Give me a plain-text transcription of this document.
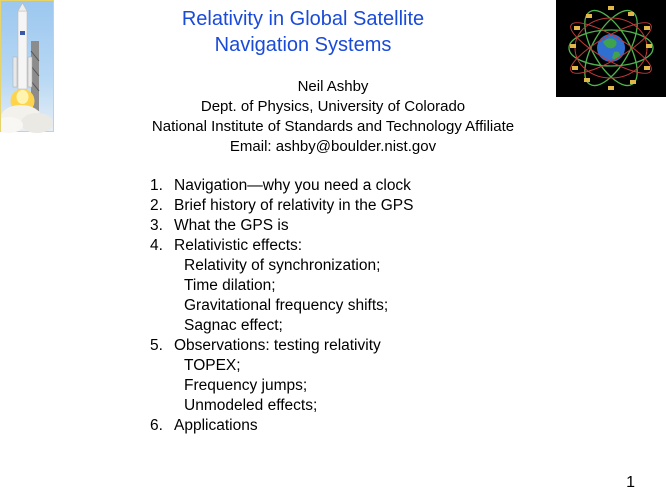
Relativity in Global Satellite
Navigation Systems
Neil Ashby
Dept. of Physics, University of Colorado
National Institute of Standards and Technology Affiliate
Email: ashby@boulder.nist.gov
1. Navigation—why you need a clock
2. Brief history of relativity in the GPS
3. What the GPS is
4. Relativistic effects:
Relativity of synchronization;
Time dilation;
Gravitational frequency shifts;
Sagnac effect;
5. Observations: testing relativity
TOPEX;
Frequency jumps;
Unmodeled effects;
6. Applications
1
